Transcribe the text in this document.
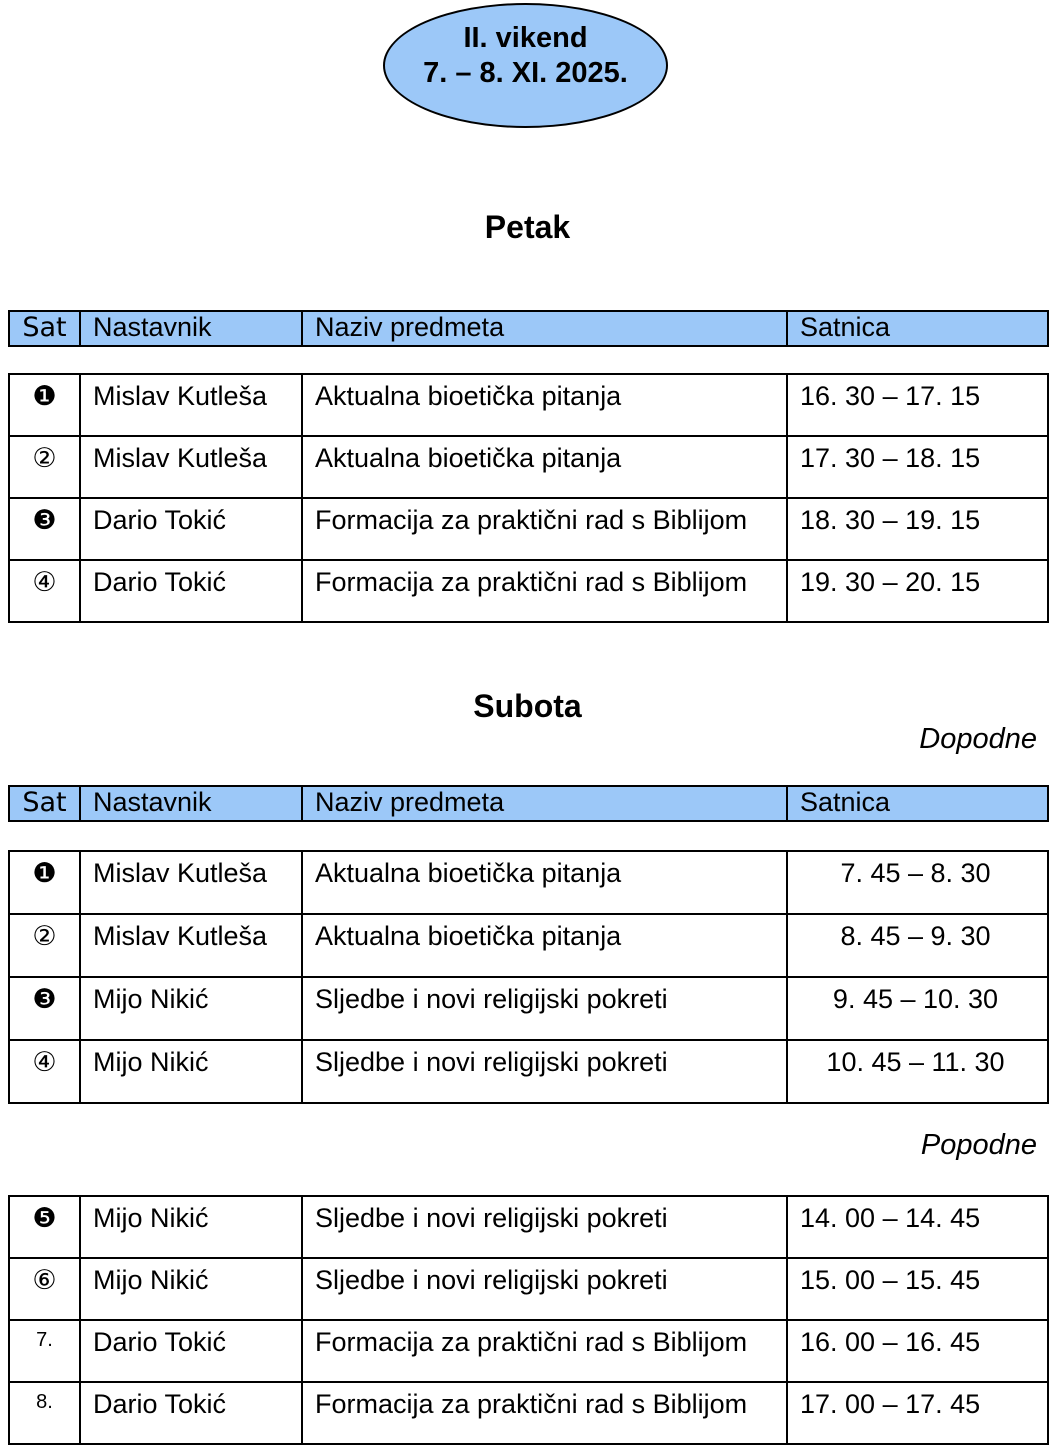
II. vikend
7. – 8. XI. 2025.
Petak
Sat	Nastavnik	Naziv predmeta	Satnica
❶	Mislav Kutleša	Aktualna bioetička pitanja	16. 30 – 17. 15
②	Mislav Kutleša	Aktualna bioetička pitanja	17. 30 – 18. 15
❸	Dario Tokić	Formacija za praktični rad s Biblijom	18. 30 – 19. 15
④	Dario Tokić	Formacija za praktični rad s Biblijom	19. 30 – 20. 15
Subota
Dopodne
Sat	Nastavnik	Naziv predmeta	Satnica
❶	Mislav Kutleša	Aktualna bioetička pitanja	7. 45 – 8. 30
②	Mislav Kutleša	Aktualna bioetička pitanja	8. 45 – 9. 30
❸	Mijo Nikić	Sljedbe i novi religijski pokreti	9. 45 – 10. 30
④	Mijo Nikić	Sljedbe i novi religijski pokreti	10. 45 – 11. 30
Popodne
❺	Mijo Nikić	Sljedbe i novi religijski pokreti	14. 00 – 14. 45
⑥	Mijo Nikić	Sljedbe i novi religijski pokreti	15. 00 – 15. 45
7.	Dario Tokić	Formacija za praktični rad s Biblijom	16. 00 – 16. 45
8.	Dario Tokić	Formacija za praktični rad s Biblijom	17. 00 – 17. 45
